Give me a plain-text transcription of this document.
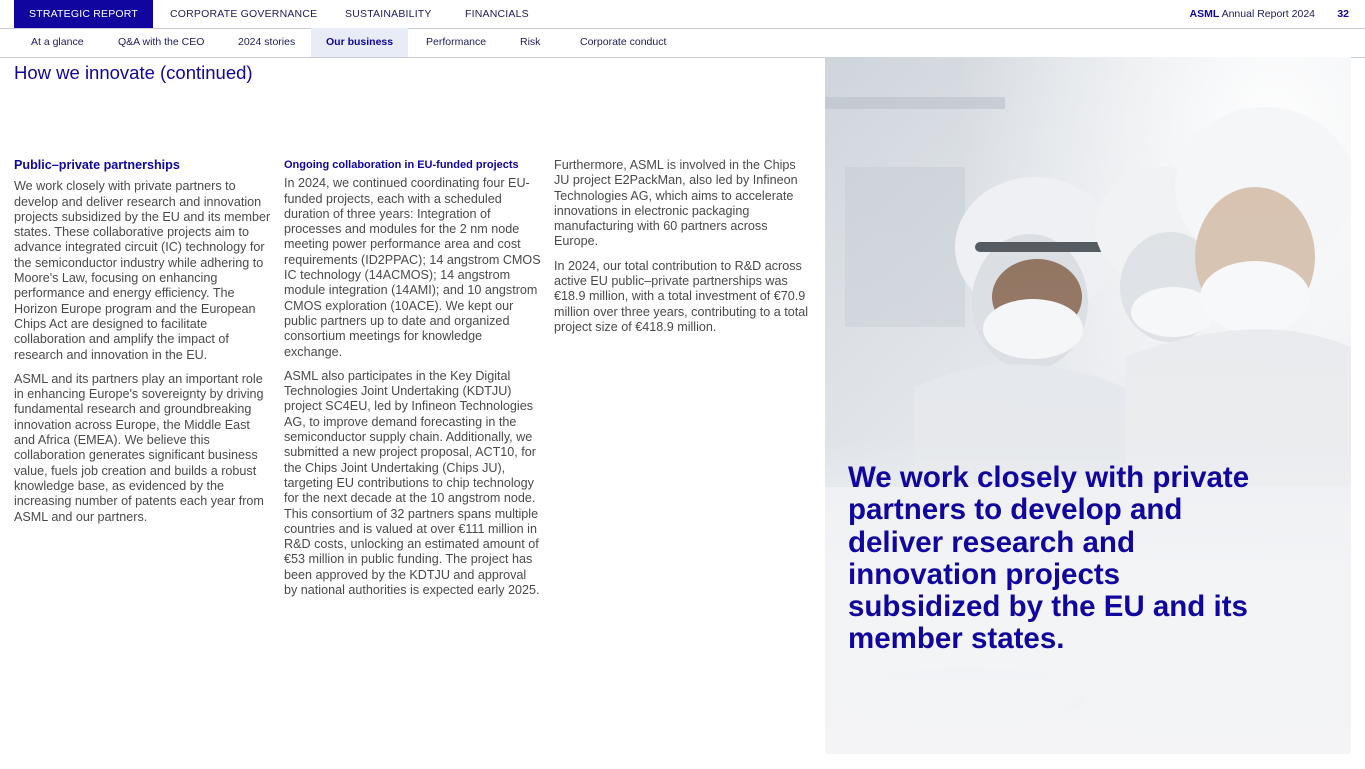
STRATEGIC REPORT	CORPORATE GOVERNANCE	SUSTAINABILITY	FINANCIALS	ASML Annual Report 2024 32
At a glance	Q&A with the CEO	2024 stories	Our business	Performance	Risk	Corporate conduct
How we innovate (continued)
Public–private partnerships

We work closely with private partners to develop and deliver research and innovation projects subsidized by the EU and its member states. These collaborative projects aim to advance integrated circuit (IC) technology for the semiconductor industry while adhering to Moore's Law, focusing on enhancing performance and energy efficiency. The Horizon Europe program and the European Chips Act are designed to facilitate collaboration and amplify the impact of research and innovation in the EU.

ASML and its partners play an important role in enhancing Europe's sovereignty by driving fundamental research and groundbreaking innovation across Europe, the Middle East and Africa (EMEA). We believe this collaboration generates significant business value, fuels job creation and builds a robust knowledge base, as evidenced by the increasing number of patents each year from ASML and our partners.

Ongoing collaboration in EU-funded projects

In 2024, we continued coordinating four EU-funded projects, each with a scheduled duration of three years: Integration of processes and modules for the 2 nm node meeting power performance area and cost requirements (ID2PPAC); 14 angstrom CMOS IC technology (14ACMOS); 14 angstrom module integration (14AMI); and 10 angstrom CMOS exploration (10ACE). We kept our public partners up to date and organized consortium meetings for knowledge exchange.

ASML also participates in the Key Digital Technologies Joint Undertaking (KDTJU) project SC4EU, led by Infineon Technologies AG, to improve demand forecasting in the semiconductor supply chain. Additionally, we submitted a new project proposal, ACT10, for the Chips Joint Undertaking (Chips JU), targeting EU contributions to chip technology for the next decade at the 10 angstrom node. This consortium of 32 partners spans multiple countries and is valued at over €111 million in R&D costs, unlocking an estimated amount of €53 million in public funding. The project has been approved by the KDTJU and approval by national authorities is expected early 2025.

Furthermore, ASML is involved in the Chips JU project E2PackMan, also led by Infineon Technologies AG, which aims to accelerate innovations in electronic packaging manufacturing with 60 partners across Europe.

In 2024, our total contribution to R&D across active EU public–private partnerships was €18.9 million, with a total investment of €70.9 million over three years, contributing to a total project size of €418.9 million.

We work closely with private partners to develop and deliver research and innovation projects subsidized by the EU and its member states.
